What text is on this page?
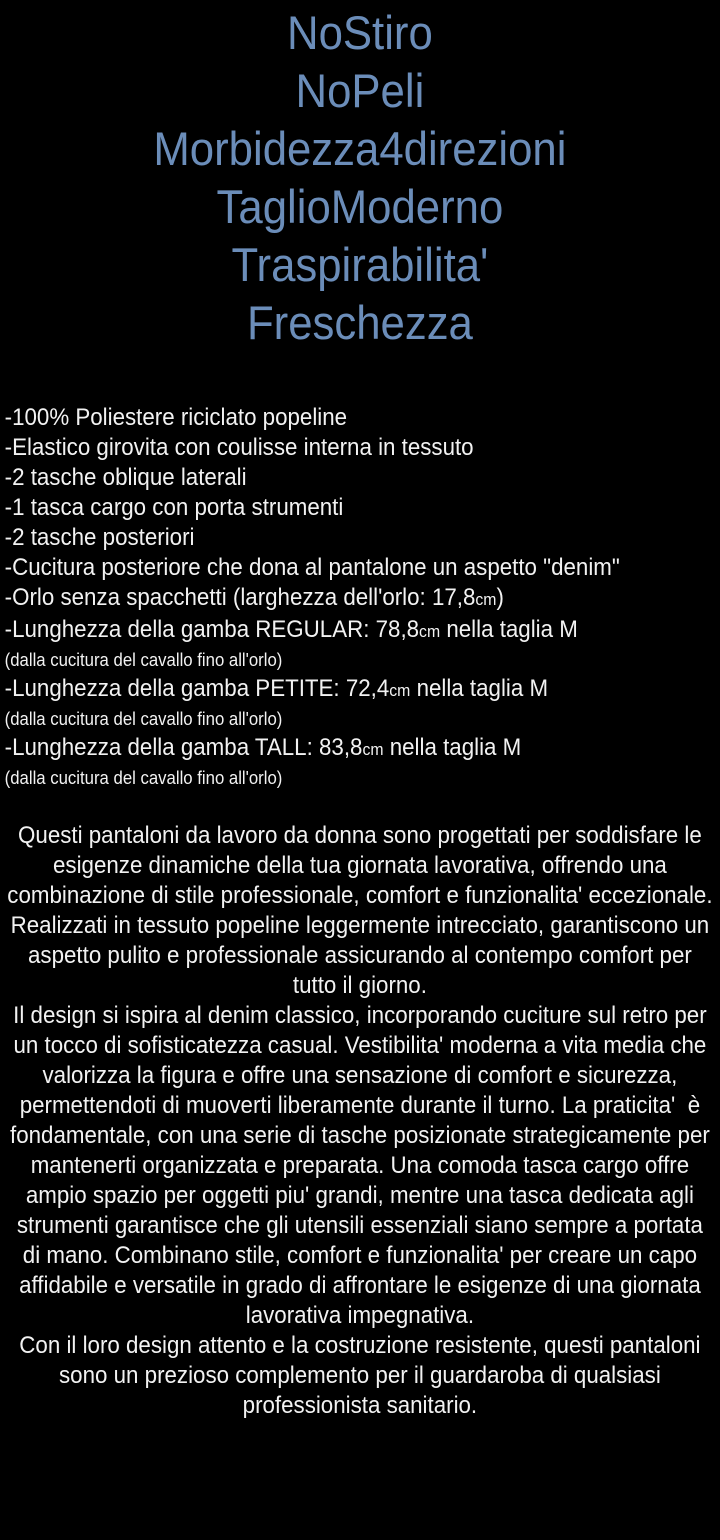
NoStiro
NoPeli
Morbidezza4direzioni
TaglioModerno
Traspirabilita'
Freschezza
-100% Poliestere riciclato popeline
-Elastico girovita con coulisse interna in tessuto
-2 tasche oblique laterali
-1 tasca cargo con porta strumenti
-2 tasche posteriori
-Cucitura posteriore che dona al pantalone un aspetto "denim"
-Orlo senza spacchetti (larghezza dell'orlo: 17,8cm)
-Lunghezza della gamba REGULAR: 78,8cm nella taglia M
(dalla cucitura del cavallo fino all'orlo)
-Lunghezza della gamba PETITE: 72,4cm nella taglia M
(dalla cucitura del cavallo fino all'orlo)
-Lunghezza della gamba TALL: 83,8cm nella taglia M
(dalla cucitura del cavallo fino all'orlo)
Questi pantaloni da lavoro da donna sono progettati per soddisfare le esigenze dinamiche della tua giornata lavorativa, offrendo una combinazione di stile professionale, comfort e funzionalita' eccezionale.
Realizzati in tessuto popeline leggermente intrecciato, garantiscono un aspetto pulito e professionale assicurando al contempo comfort per tutto il giorno.
Il design si ispira al denim classico, incorporando cuciture sul retro per un tocco di sofisticatezza casual. Vestibilita' moderna a vita media che valorizza la figura e offre una sensazione di comfort e sicurezza, permettendoti di muoverti liberamente durante il turno. La praticita'  è  fondamentale, con una serie di tasche posizionate strategicamente per mantenerti organizzata e preparata. Una comoda tasca cargo offre ampio spazio per oggetti piu' grandi, mentre una tasca dedicata agli strumenti garantisce che gli utensili essenziali siano sempre a portata di mano. Combinano stile, comfort e funzionalita' per creare un capo affidabile e versatile in grado di affrontare le esigenze di una giornata lavorativa impegnativa.
Con il loro design attento e la costruzione resistente, questi pantaloni sono un prezioso complemento per il guardaroba di qualsiasi professionista sanitario.
